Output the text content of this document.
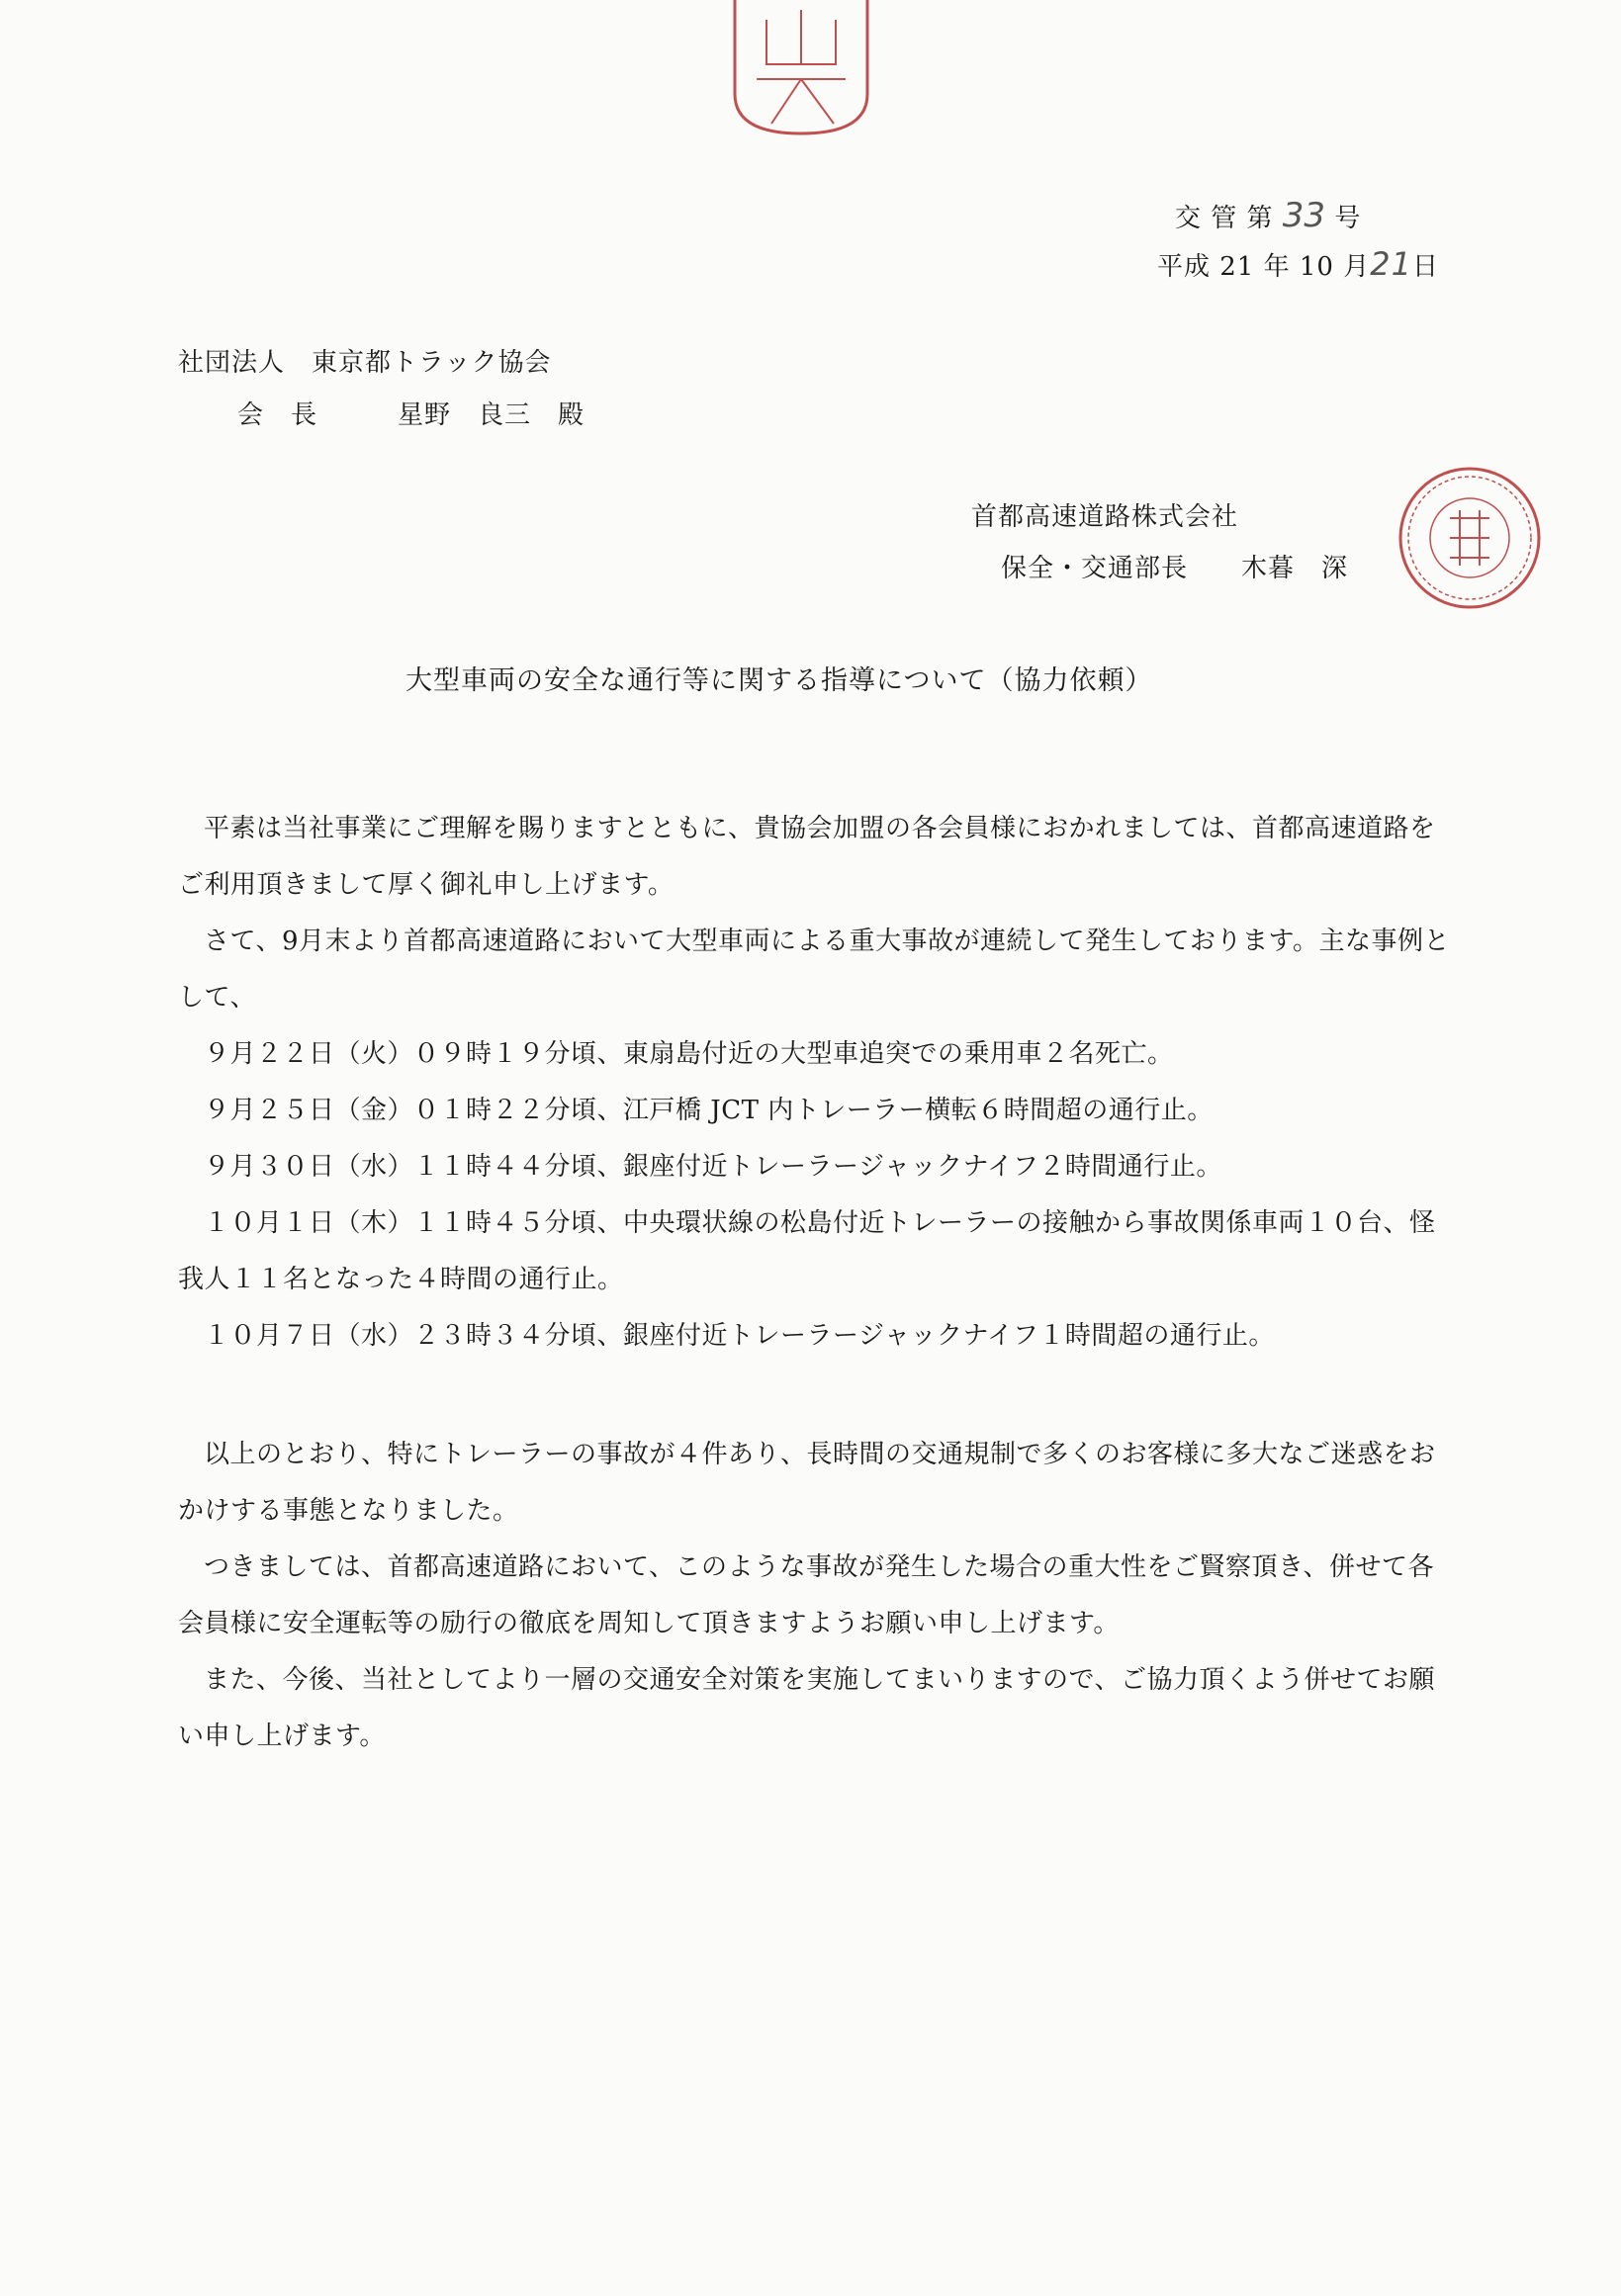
交 管 第 33 号
平成 21 年 10 月21日
社団法人　東京都トラック協会
会　長　　　星野　良三　殿
首都高速道路株式会社
保全・交通部長　　木暮　深
大型車両の安全な通行等に関する指導について（協力依頼）

平素は当社事業にご理解を賜りますとともに、貴協会加盟の各会員様におかれましては、首都高速道路をご利用頂きまして厚く御礼申し上げます。

さて、9月末より首都高速道路において大型車両による重大事故が連続して発生しております。主な事例として、

９月２２日（火）０９時１９分頃、東扇島付近の大型車追突での乗用車２名死亡。

９月２５日（金）０１時２２分頃、江戸橋 JCT 内トレーラー横転６時間超の通行止。

９月３０日（水）１１時４４分頃、銀座付近トレーラージャックナイフ２時間通行止。

１０月１日（木）１１時４５分頃、中央環状線の松島付近トレーラーの接触から事故関係車両１０台、怪我人１１名となった４時間の通行止。

１０月７日（水）２３時３４分頃、銀座付近トレーラージャックナイフ１時間超の通行止。

以上のとおり、特にトレーラーの事故が４件あり、長時間の交通規制で多くのお客様に多大なご迷惑をおかけする事態となりました。

つきましては、首都高速道路において、このような事故が発生した場合の重大性をご賢察頂き、併せて各会員様に安全運転等の励行の徹底を周知して頂きますようお願い申し上げます。

また、今後、当社としてより一層の交通安全対策を実施してまいりますので、ご協力頂くよう併せてお願い申し上げます。
